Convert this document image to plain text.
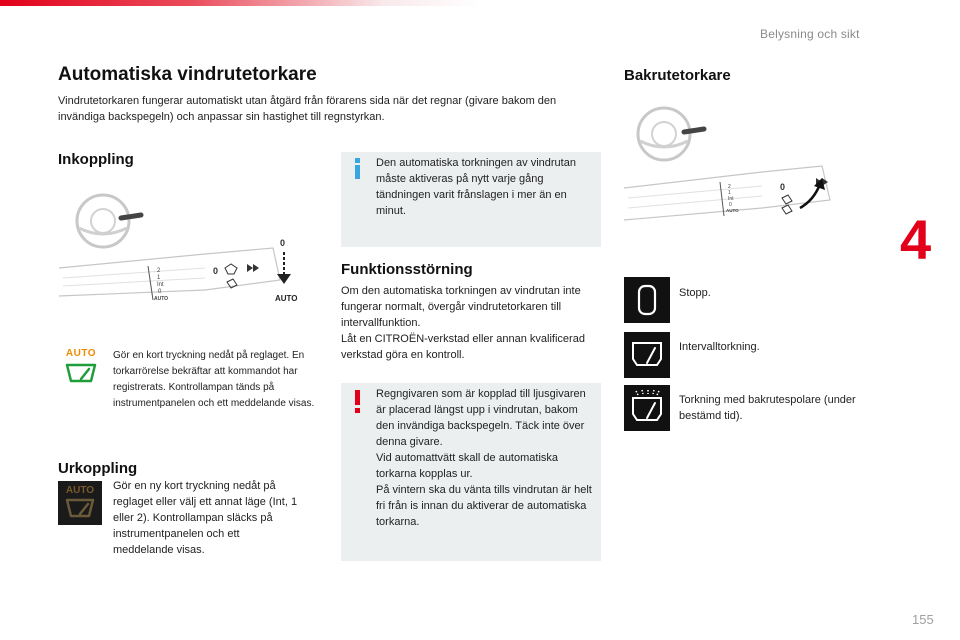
Belysning och sikt
4
155
Automatiska vindrutetorkare

Vindrutetorkaren fungerar automatiskt utan åtgärd från förarens sida när det regnar (givare bakom den invändiga backspegeln) och anpassar sin hastighet till regnstyrkan.

Inkoppling
2
1
Int
0
AUTO
0
0
AUTO
AUTO	Gör en kort tryckning nedåt på reglaget. En torkarrörelse bekräftar att kommandot har registrerats. Kontrollampan tänds på instrumentpanelen och ett meddelande visas.

Urkoppling
AUTO	Gör en ny kort tryckning nedåt på reglaget eller välj ett annat läge (Int, 1 eller 2). Kontrollampan släcks på instrumentpanelen och ett meddelande visas.

Den automatiska torkningen av vindrutan måste aktiveras på nytt varje gång tändningen varit frånslagen i mer än en minut.

Funktionsstörning

Om den automatiska torkningen av vindrutan inte fungerar normalt, övergår vindrutetorkaren till intervallfunktion.

Låt en CITROËN-verkstad eller annan kvalificerad verkstad göra en kontroll.

Regngivaren som är kopplad till ljusgivaren är placerad längst upp i vindrutan, bakom den invändiga backspegeln. Täck inte över denna givare.

Vid automattvätt skall de automatiska torkarna kopplas ur.

På vintern ska du vänta tills vindrutan är helt fri från is innan du aktiverar de automatiska torkarna.

Bakrutetorkare
2
1
Int
0
AUTO
0
Stopp.
Intervalltorkning.
Torkning med bakrutespolare (under bestämd tid).
